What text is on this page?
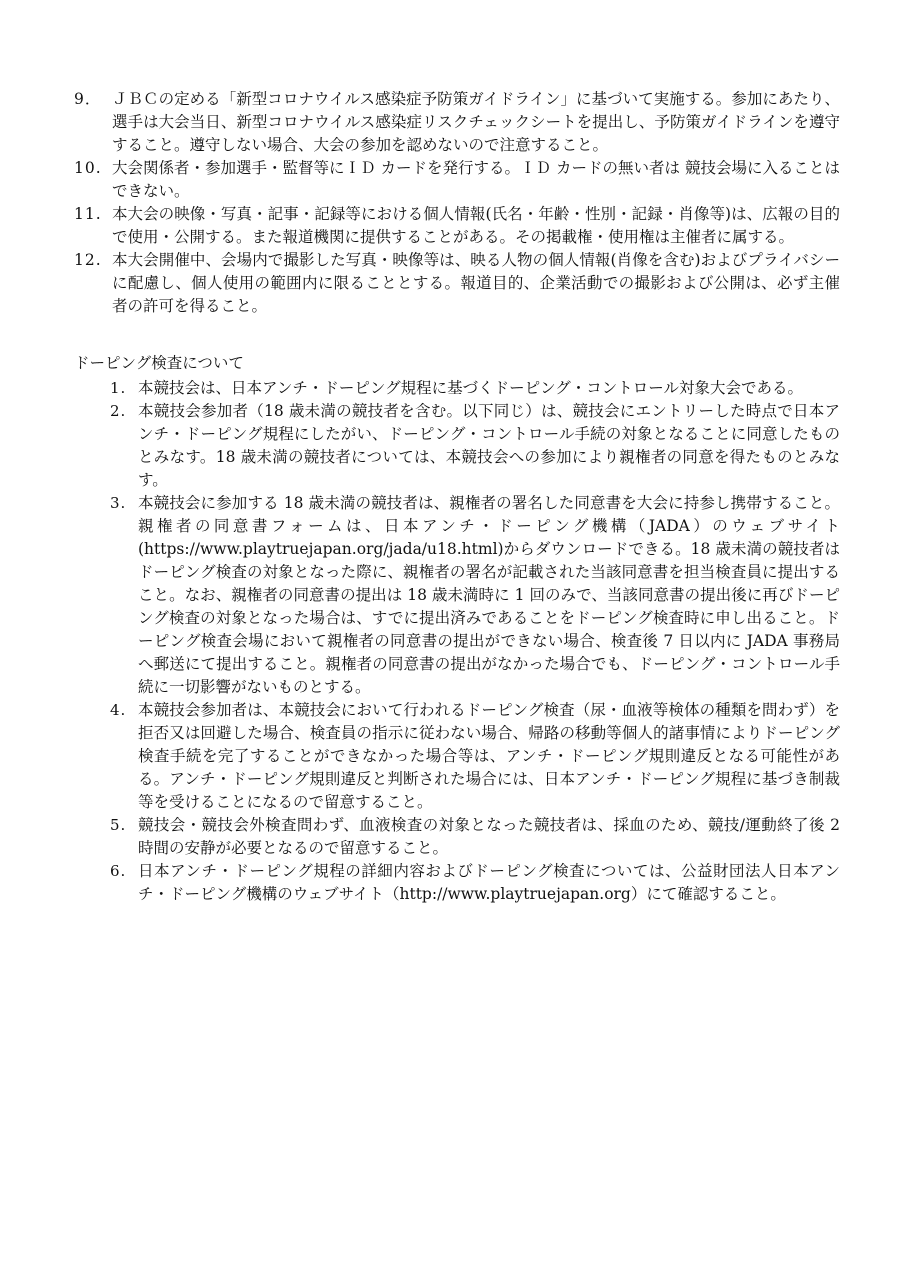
9． ＪＢＣの定める「新型コロナウイルス感染症予防策ガイドライン」に基づいて実施する。参加にあたり、選手は大会当日、新型コロナウイルス感染症リスクチェックシートを提出し、予防策ガイドラインを遵守すること。遵守しない場合、大会の参加を認めないので注意すること。
10. 大会関係者・参加選手・監督等にＩＤ カードを発行する。ＩＤ カードの無い者は 競技会場に入ることはできない。
11. 本大会の映像・写真・記事・記録等における個人情報(氏名・年齢・性別・記録・肖像等)は、広報の目的で使用・公開する。また報道機関に提供することがある。その掲載権・使用権は主催者に属する。
12. 本大会開催中、会場内で撮影した写真・映像等は、映る人物の個人情報(肖像を含む)およびプライバシーに配慮し、個人使用の範囲内に限ることとする。報道目的、企業活動での撮影および公開は、必ず主催者の許可を得ること。
ドーピング検査について
1. 本競技会は、日本アンチ・ドーピング規程に基づくドーピング・コントロール対象大会である。
2. 本競技会参加者（18 歳未満の競技者を含む。以下同じ）は、競技会にエントリーした時点で日本アンチ・ドーピング規程にしたがい、ドーピング・コントロール手続の対象となることに同意したものとみなす。18 歳未満の競技者については、本競技会への参加により親権者の同意を得たものとみなす。
3. 本競技会に参加する 18 歳未満の競技者は、親権者の署名した同意書を大会に持参し携帯すること。親権者の同意書フォームは、日本アンチ・ドーピング機構（JADA）のウェブサイト(https://www.playtruejapan.org/jada/u18.html)からダウンロードできる。18 歳未満の競技者はドーピング検査の対象となった際に、親権者の署名が記載された当該同意書を担当検査員に提出すること。なお、親権者の同意書の提出は 18 歳未満時に 1 回のみで、当該同意書の提出後に再びドーピング検査の対象となった場合は、すでに提出済みであることをドーピング検査時に申し出ること。ドーピング検査会場において親権者の同意書の提出ができない場合、検査後 7 日以内に JADA 事務局へ郵送にて提出すること。親権者の同意書の提出がなかった場合でも、ドーピング・コントロール手続に一切影響がないものとする。
4. 本競技会参加者は、本競技会において行われるドーピング検査（尿・血液等検体の種類を問わず）を拒否又は回避した場合、検査員の指示に従わない場合、帰路の移動等個人的諸事情によりドーピング検査手続を完了することができなかった場合等は、アンチ・ドーピング規則違反となる可能性がある。アンチ・ドーピング規則違反と判断された場合には、日本アンチ・ドーピング規程に基づき制裁等を受けることになるので留意すること。
5. 競技会・競技会外検査問わず、血液検査の対象となった競技者は、採血のため、競技/運動終了後 2 時間の安静が必要となるので留意すること。
6. 日本アンチ・ドーピング規程の詳細内容およびドーピング検査については、公益財団法人日本アンチ・ドーピング機構のウェブサイト（http://www.playtruejapan.org）にて確認すること。
